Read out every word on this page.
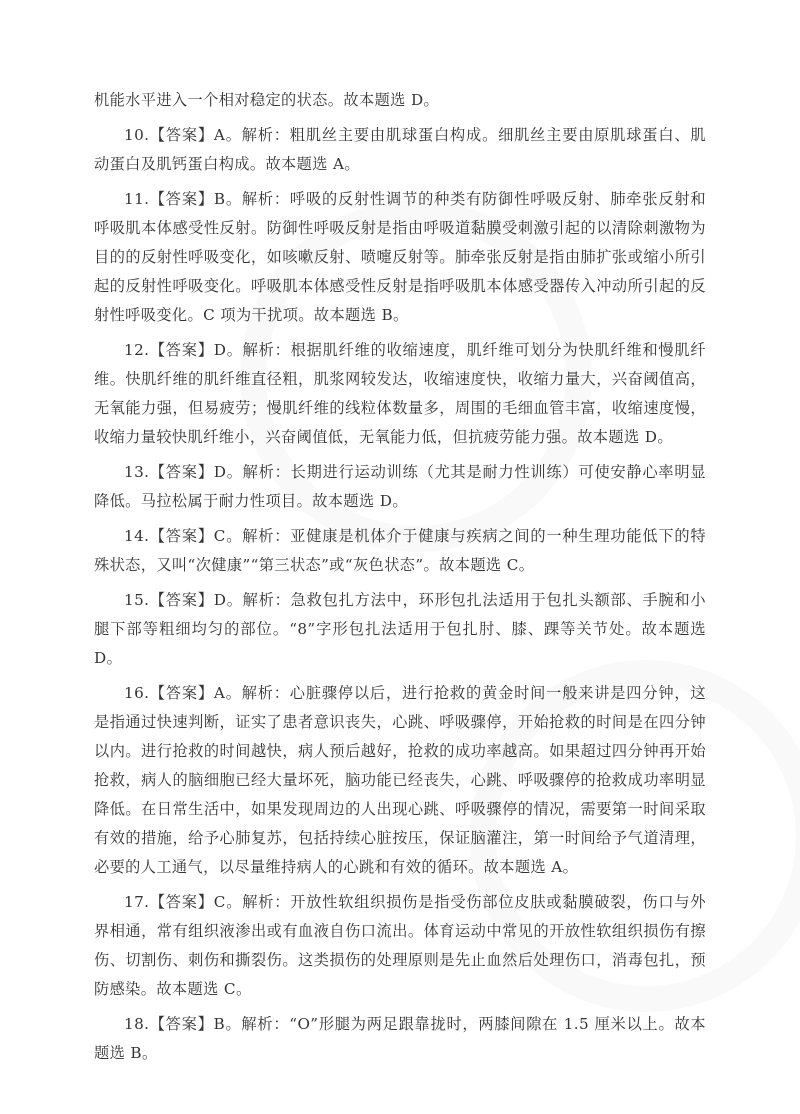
机能水平进入一个相对稳定的状态。故本题选 D。

10.【答案】A。解析：粗肌丝主要由肌球蛋白构成。细肌丝主要由原肌球蛋白、肌动蛋白及肌钙蛋白构成。故本题选 A。

11.【答案】B。解析：呼吸的反射性调节的种类有防御性呼吸反射、肺牵张反射和呼吸肌本体感受性反射。防御性呼吸反射是指由呼吸道黏膜受刺激引起的以清除刺激物为目的的反射性呼吸变化，如咳嗽反射、喷嚏反射等。肺牵张反射是指由肺扩张或缩小所引起的反射性呼吸变化。呼吸肌本体感受性反射是指呼吸肌本体感受器传入冲动所引起的反射性呼吸变化。C 项为干扰项。故本题选 B。

12.【答案】D。解析：根据肌纤维的收缩速度，肌纤维可划分为快肌纤维和慢肌纤维。快肌纤维的肌纤维直径粗，肌浆网较发达，收缩速度快，收缩力量大，兴奋阈值高，无氧能力强，但易疲劳；慢肌纤维的线粒体数量多，周围的毛细血管丰富，收缩速度慢，收缩力量较快肌纤维小，兴奋阈值低，无氧能力低，但抗疲劳能力强。故本题选 D。

13.【答案】D。解析：长期进行运动训练（尤其是耐力性训练）可使安静心率明显降低。马拉松属于耐力性项目。故本题选 D。

14.【答案】C。解析：亚健康是机体介于健康与疾病之间的一种生理功能低下的特殊状态，又叫“次健康”“第三状态”或“灰色状态”。故本题选 C。

15.【答案】D。解析：急救包扎方法中，环形包扎法适用于包扎头额部、手腕和小腿下部等粗细均匀的部位。“8”字形包扎法适用于包扎肘、膝、踝等关节处。故本题选 D。

16.【答案】A。解析：心脏骤停以后，进行抢救的黄金时间一般来讲是四分钟，这是指通过快速判断，证实了患者意识丧失，心跳、呼吸骤停，开始抢救的时间是在四分钟以内。进行抢救的时间越快，病人预后越好，抢救的成功率越高。如果超过四分钟再开始抢救，病人的脑细胞已经大量坏死，脑功能已经丧失，心跳、呼吸骤停的抢救成功率明显降低。在日常生活中，如果发现周边的人出现心跳、呼吸骤停的情况，需要第一时间采取有效的措施，给予心肺复苏，包括持续心脏按压，保证脑灌注，第一时间给予气道清理，必要的人工通气，以尽量维持病人的心跳和有效的循环。故本题选 A。

17.【答案】C。解析：开放性软组织损伤是指受伤部位皮肤或黏膜破裂，伤口与外界相通，常有组织液渗出或有血液自伤口流出。体育运动中常见的开放性软组织损伤有擦伤、切割伤、刺伤和撕裂伤。这类损伤的处理原则是先止血然后处理伤口，消毒包扎，预防感染。故本题选 C。

18.【答案】B。解析：“O”形腿为两足跟靠拢时，两膝间隙在 1.5 厘米以上。故本题选 B。
